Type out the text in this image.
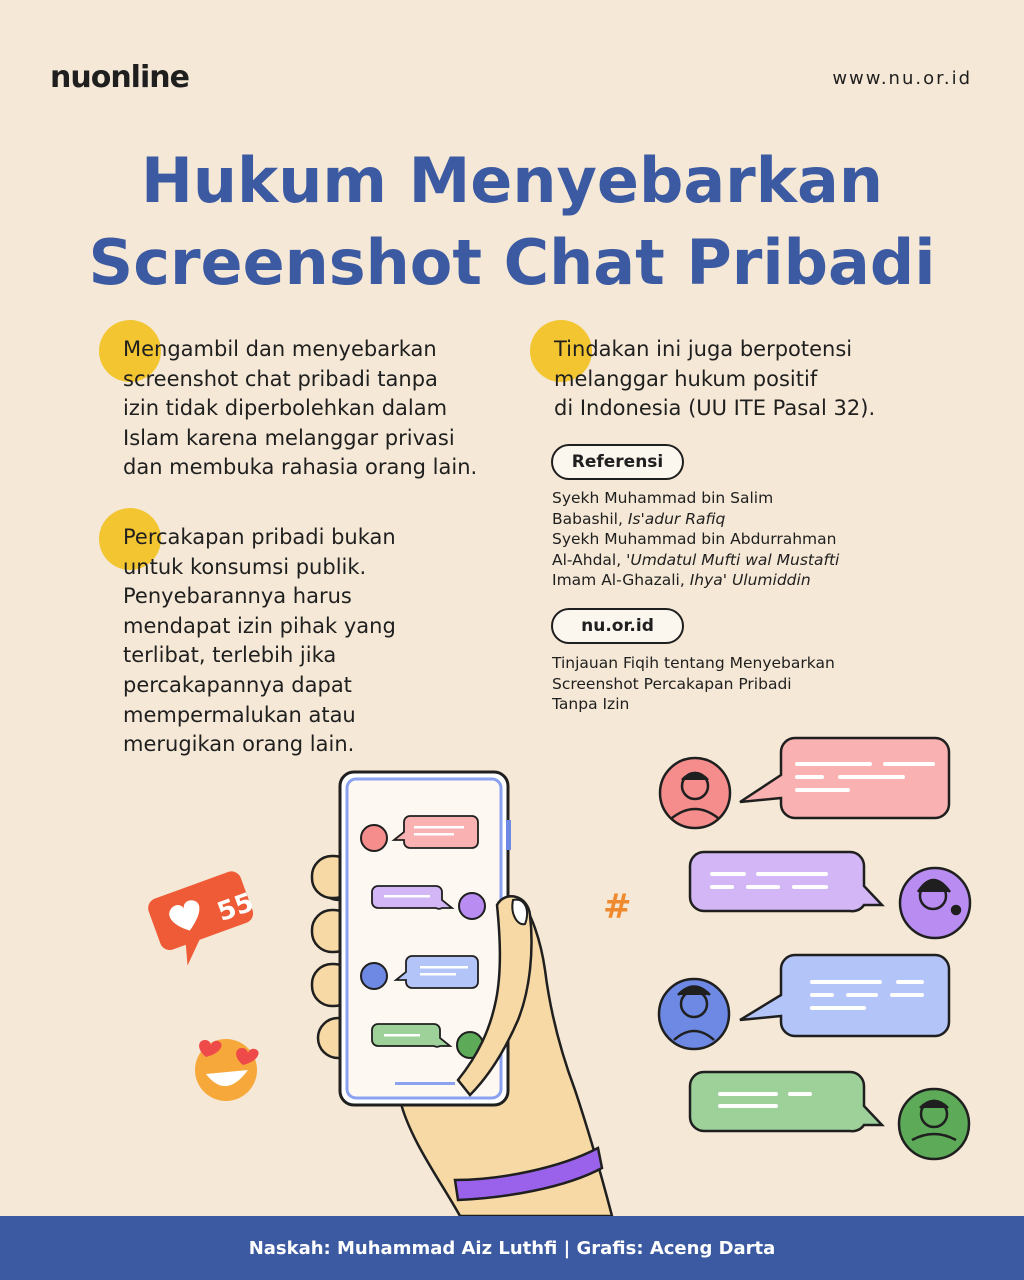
nuonline	www.nu.or.id
Hukum Menyebarkan
Screenshot Chat Pribadi
Mengambil dan menyebarkan
screenshot chat pribadi tanpa
izin tidak diperbolehkan dalam
Islam karena melanggar privasi
dan membuka rahasia orang lain.
Percakapan pribadi bukan
untuk konsumsi publik.
Penyebarannya harus
mendapat izin pihak yang
terlibat, terlebih jika
percakapannya dapat
mempermalukan atau
merugikan orang lain.
Tindakan ini juga berpotensi
melanggar hukum positif
di Indonesia (UU ITE Pasal 32).
Referensi
Syekh Muhammad bin Salim
Babashil, Is'adur Rafiq
Syekh Muhammad bin Abdurrahman
Al-Ahdal, 'Umdatul Mufti wal Mustafti
Imam Al-Ghazali, Ihya' Ulumiddin
nu.or.id
Tinjauan Fiqih tentang Menyebarkan
Screenshot Percakapan Pribadi
Tanpa Izin
55	#
Naskah: Muhammad Aiz Luthfi | Grafis: Aceng Darta
